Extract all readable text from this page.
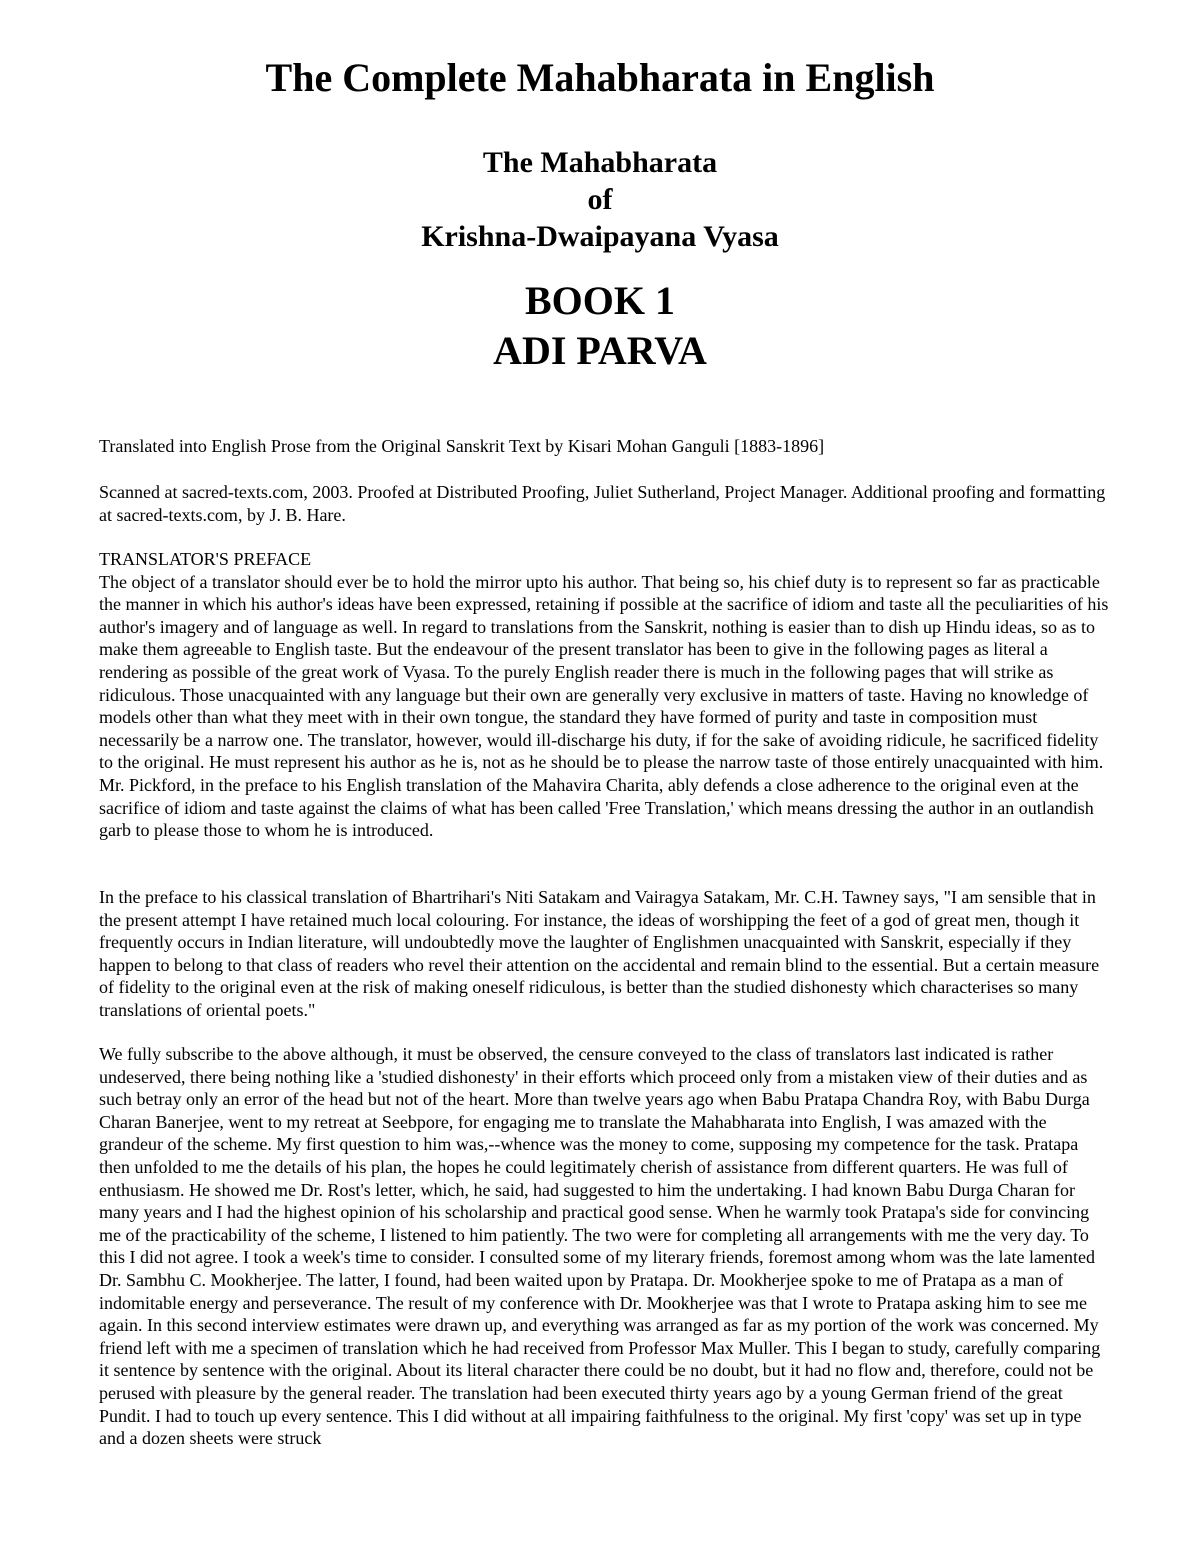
The Complete Mahabharata in English
The Mahabharata
of
Krishna-Dwaipayana Vyasa
BOOK 1
ADI PARVA

Translated into English Prose from the Original Sanskrit Text by Kisari Mohan Ganguli [1883-1896]

Scanned at sacred-texts.com, 2003. Proofed at Distributed Proofing, Juliet Sutherland, Project Manager. Additional proofing and formatting at sacred-texts.com, by J. B. Hare.

TRANSLATOR'S PREFACE
The object of a translator should ever be to hold the mirror upto his author. That being so, his chief duty is to represent so far as practicable the manner in which his author's ideas have been expressed, retaining if possible at the sacrifice of idiom and taste all the peculiarities of his author's imagery and of language as well. In regard to translations from the Sanskrit, nothing is easier than to dish up Hindu ideas, so as to make them agreeable to English taste. But the endeavour of the present translator has been to give in the following pages as literal a rendering as possible of the great work of Vyasa. To the purely English reader there is much in the following pages that will strike as ridiculous. Those unacquainted with any language but their own are generally very exclusive in matters of taste. Having no knowledge of models other than what they meet with in their own tongue, the standard they have formed of purity and taste in composition must necessarily be a narrow one. The translator, however, would ill-discharge his duty, if for the sake of avoiding ridicule, he sacrificed fidelity to the original. He must represent his author as he is, not as he should be to please the narrow taste of those entirely unacquainted with him. Mr. Pickford, in the preface to his English translation of the Mahavira Charita, ably defends a close adherence to the original even at the sacrifice of idiom and taste against the claims of what has been called 'Free Translation,' which means dressing the author in an outlandish garb to please those to whom he is introduced.

In the preface to his classical translation of Bhartrihari's Niti Satakam and Vairagya Satakam, Mr. C.H. Tawney says, "I am sensible that in the present attempt I have retained much local colouring. For instance, the ideas of worshipping the feet of a god of great men, though it frequently occurs in Indian literature, will undoubtedly move the laughter of Englishmen unacquainted with Sanskrit, especially if they happen to belong to that class of readers who revel their attention on the accidental and remain blind to the essential. But a certain measure of fidelity to the original even at the risk of making oneself ridiculous, is better than the studied dishonesty which characterises so many translations of oriental poets."

We fully subscribe to the above although, it must be observed, the censure conveyed to the class of translators last indicated is rather undeserved, there being nothing like a 'studied dishonesty' in their efforts which proceed only from a mistaken view of their duties and as such betray only an error of the head but not of the heart. More than twelve years ago when Babu Pratapa Chandra Roy, with Babu Durga Charan Banerjee, went to my retreat at Seebpore, for engaging me to translate the Mahabharata into English, I was amazed with the grandeur of the scheme. My first question to him was,--whence was the money to come, supposing my competence for the task. Pratapa then unfolded to me the details of his plan, the hopes he could legitimately cherish of assistance from different quarters. He was full of enthusiasm. He showed me Dr. Rost's letter, which, he said, had suggested to him the undertaking. I had known Babu Durga Charan for many years and I had the highest opinion of his scholarship and practical good sense. When he warmly took Pratapa's side for convincing me of the practicability of the scheme, I listened to him patiently. The two were for completing all arrangements with me the very day. To this I did not agree. I took a week's time to consider. I consulted some of my literary friends, foremost among whom was the late lamented Dr. Sambhu C. Mookherjee. The latter, I found, had been waited upon by Pratapa. Dr. Mookherjee spoke to me of Pratapa as a man of indomitable energy and perseverance. The result of my conference with Dr. Mookherjee was that I wrote to Pratapa asking him to see me again. In this second interview estimates were drawn up, and everything was arranged as far as my portion of the work was concerned. My friend left with me a specimen of translation which he had received from Professor Max Muller. This I began to study, carefully comparing it sentence by sentence with the original. About its literal character there could be no doubt, but it had no flow and, therefore, could not be perused with pleasure by the general reader. The translation had been executed thirty years ago by a young German friend of the great Pundit. I had to touch up every sentence. This I did without at all impairing faithfulness to the original. My first 'copy' was set up in type and a dozen sheets were struck
